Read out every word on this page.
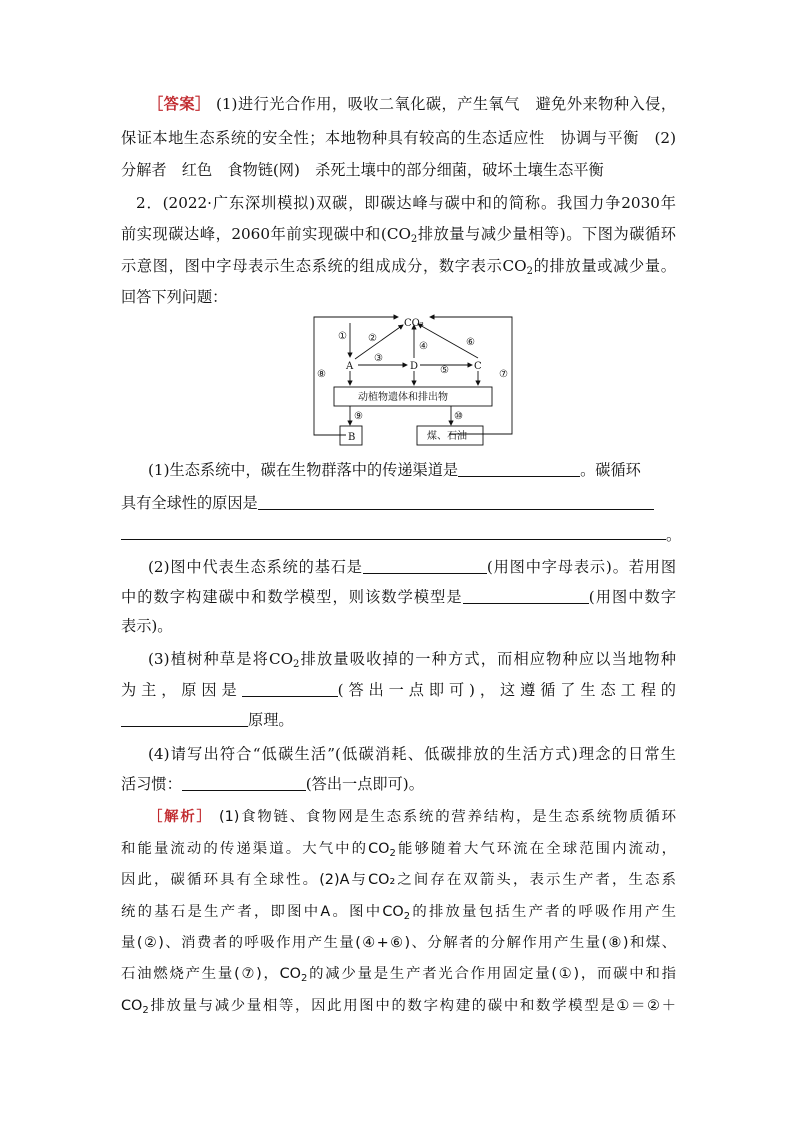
［答案］ (1)进行光合作用，吸收二氧化碳，产生氧气　避免外来物种入侵，
保证本地生态系统的安全性；本地物种具有较高的生态适应性　协调与平衡　(2)
分解者　红色　食物链(网)　杀死土壤中的部分细菌，破坏土壤生态平衡
2．(2022·广东深圳模拟)双碳，即碳达峰与碳中和的简称。我国力争2030年
前实现碳达峰，2060年前实现碳中和($CO_2$排放量与减少量相等)。下图为碳循环
示意图，图中字母表示生态系统的组成成分，数字表示$CO_2$的排放量或减少量。
回答下列问题：
CO₂
A	D	C
B
动植物遗体和排出物
煤、石油
① ②
③
④
⑤
⑥
⑦
⑧
⑨	⑩
(1)生态系统中，碳在生物群落中的传递渠道是	。碳循环
具有全球性的原因是
。
(2)图中代表生态系统的基石是	(用图中字母表示)。若用图
中的数字构建碳中和数学模型，则该数学模型是	(用图中数字
表示)。
(3)植树种草是将$CO_2$排放量吸收掉的一种方式，而相应物种应以当地物种
为主，原因是	(答出一点即可)，这遵循了生态工程的
原理。
(4)请写出符合“低碳生活”(低碳消耗、低碳排放的生活方式)理念的日常生
活习惯：	(答出一点即可)。
［解析］ (1)食物链、食物网是生态系统的营养结构，是生态系统物质循环
和能量流动的传递渠道。大气中的$CO_2$能够随着大气环流在全球范围内流动，
因此，碳循环具有全球性。(2)A与CO₂之间存在双箭头，表示生产者，生态系
统的基石是生产者，即图中A。图中$CO_2$的排放量包括生产者的呼吸作用产生
量(②)、消费者的呼吸作用产生量(④+⑥)、分解者的分解作用产生量(⑧)和煤、
石油燃烧产生量(⑦)，$CO_2$的减少量是生产者光合作用固定量(①)，而碳中和指
$CO_2$排放量与减少量相等，因此用图中的数字构建的碳中和数学模型是①＝②＋
